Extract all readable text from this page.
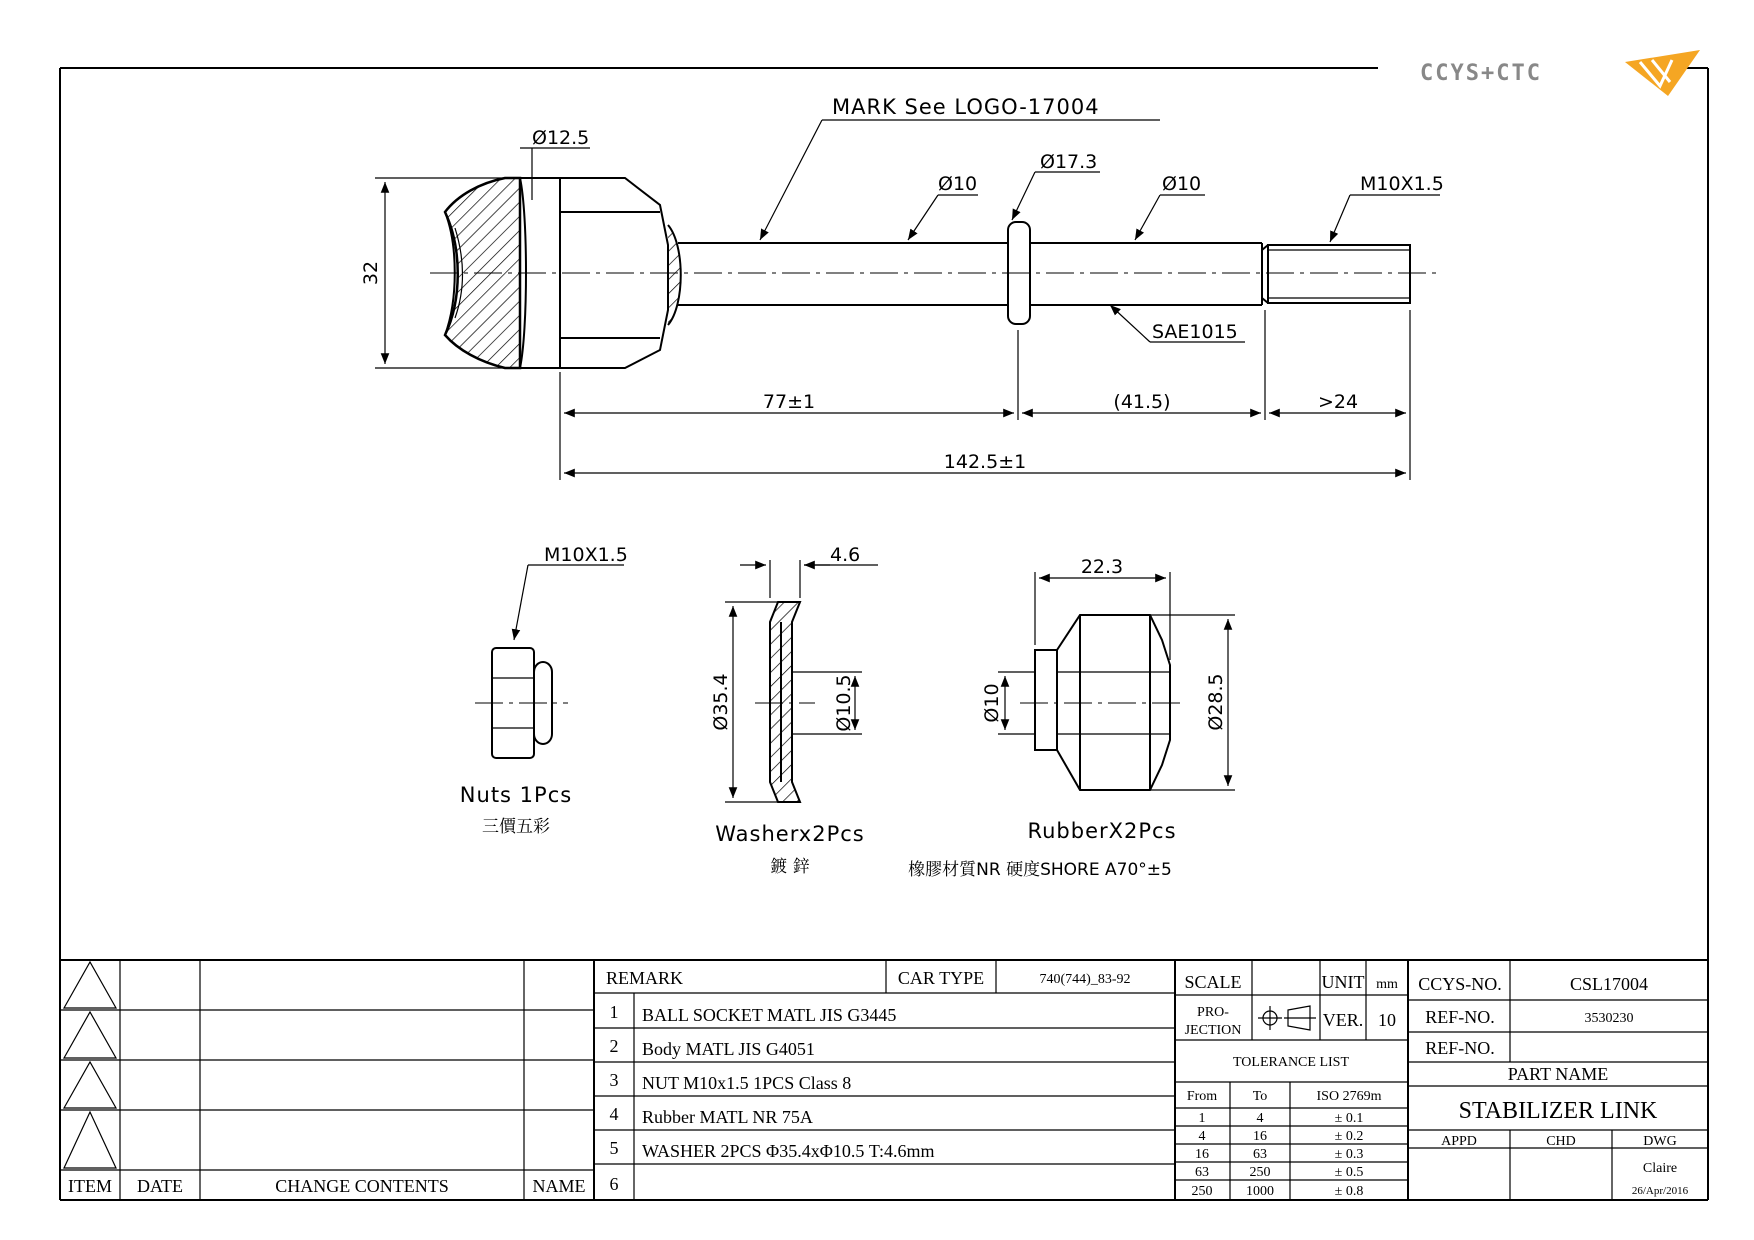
CCYS+CTC
32
Ø12.5
MARK See LOGO-17004
Ø10
Ø17.3
Ø10	M10X1.5
SAE1015
77±1	(41.5)	>24
142.5±1
M10X1.5
Nuts 1Pcs
三價五彩
4.6
Ø35.4	Ø10.5
Washerx2Pcs
鍍 鋅
22.3
Ø10	Ø28.5
RubberX2Pcs
橡膠材質NR 硬度SHORE A70°±5
ITEM DATE	CHANGE CONTENTS	NAME
REMARK	CAR TYPE	740(744)_83-92
1 BALL SOCKET MATL JIS G3445
2 Body MATL JIS G4051
3 NUT M10x1.5 1PCS Class 8
4 Rubber MATL NR 75A
5 WASHER 2PCS Φ35.4xΦ10.5 T:4.6mm
6
SCALE	UNIT mm
PRO-
JECTION
VER. 10
TOLERANCE LIST
From	To	ISO 2769m
1	4	± 0.1
4	16	± 0.2
16	63	± 0.3
63	250	± 0.5
250 1000	± 0.8
CCYS-NO.	CSL17004
REF-NO.	3530230
REF-NO.
PART NAME
STABILIZER LINK
APPD	CHD	DWG
Claire
26/Apr/2016
